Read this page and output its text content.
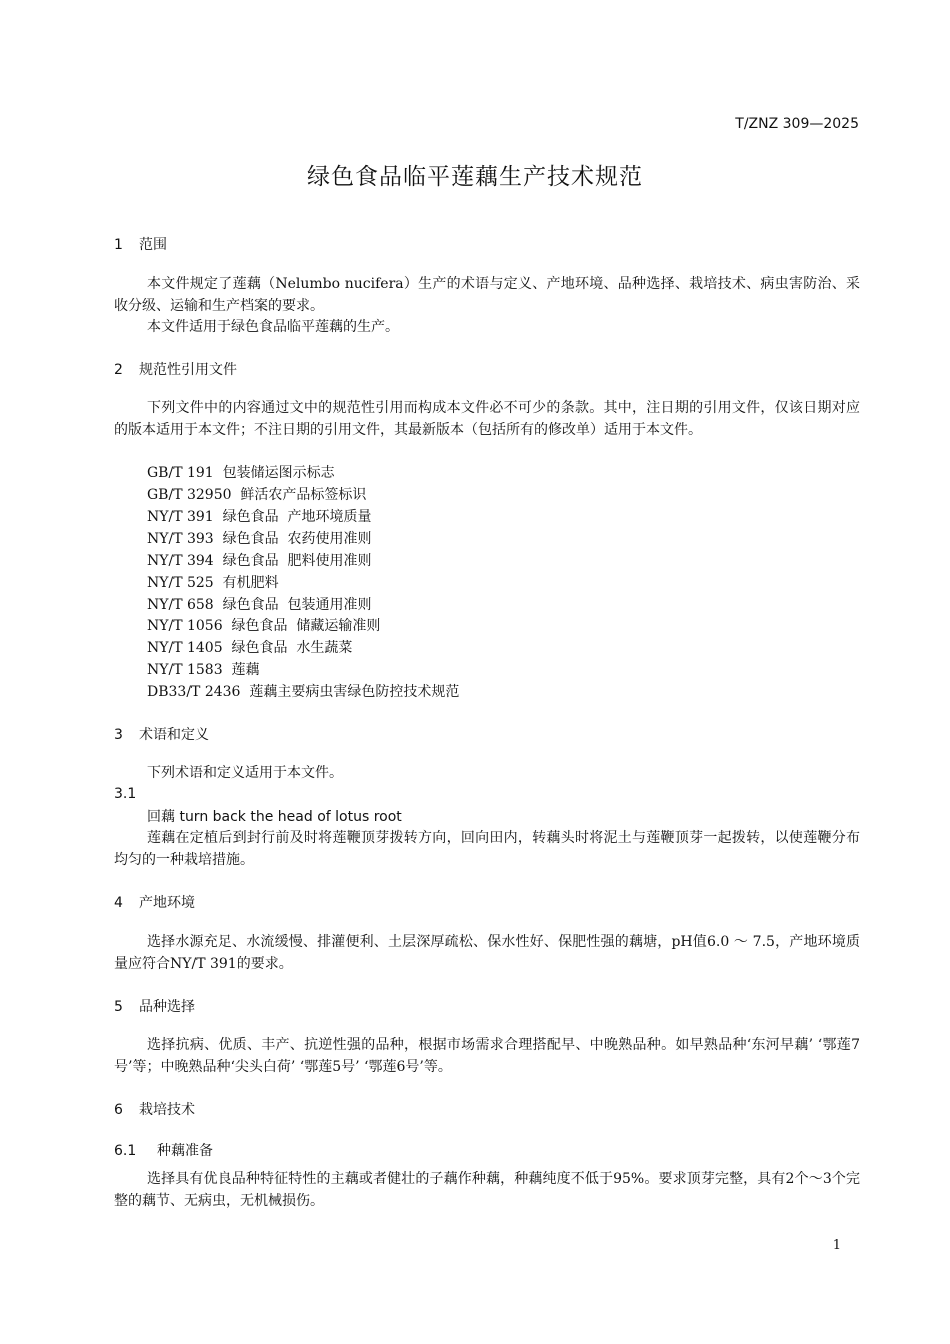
T/ZNZ 309—2025
绿色食品临平莲藕生产技术规范
1 范围
本文件规定了莲藕（Nelumbo nucifera）生产的术语与定义、产地环境、品种选择、栽培技术、病虫害防治、采收分级、运输和生产档案的要求。
本文件适用于绿色食品临平莲藕的生产。
2 规范性引用文件
下列文件中的内容通过文中的规范性引用而构成本文件必不可少的条款。其中，注日期的引用文件，仅该日期对应的版本适用于本文件；不注日期的引用文件，其最新版本（包括所有的修改单）适用于本文件。
GB/T 191  包装储运图示标志
GB/T 32950  鲜活农产品标签标识
NY/T 391  绿色食品  产地环境质量
NY/T 393  绿色食品  农药使用准则
NY/T 394  绿色食品  肥料使用准则
NY/T 525  有机肥料
NY/T 658  绿色食品  包装通用准则
NY/T 1056  绿色食品  储藏运输准则
NY/T 1405  绿色食品  水生蔬菜
NY/T 1583  莲藕
DB33/T 2436  莲藕主要病虫害绿色防控技术规范
3 术语和定义
下列术语和定义适用于本文件。
3.1
回藕 turn back the head of lotus root
莲藕在定植后到封行前及时将莲鞭顶芽拨转方向，回向田内，转藕头时将泥土与莲鞭顶芽一起拨转，以使莲鞭分布均匀的一种栽培措施。
4 产地环境
选择水源充足、水流缓慢、排灌便利、土层深厚疏松、保水性好、保肥性强的藕塘，pH值6.0 ～ 7.5，产地环境质量应符合NY/T 391的要求。
5 品种选择
选择抗病、优质、丰产、抗逆性强的品种，根据市场需求合理搭配早、中晚熟品种。如早熟品种‘东河早藕’ ‘鄂莲7号’等；中晚熟品种‘尖头白荷’ ‘鄂莲5号’ ‘鄂莲6号’等。
6 栽培技术
6.1 种藕准备
选择具有优良品种特征特性的主藕或者健壮的子藕作种藕，种藕纯度不低于95%。要求顶芽完整，具有2个～3个完整的藕节、无病虫，无机械损伤。
1
